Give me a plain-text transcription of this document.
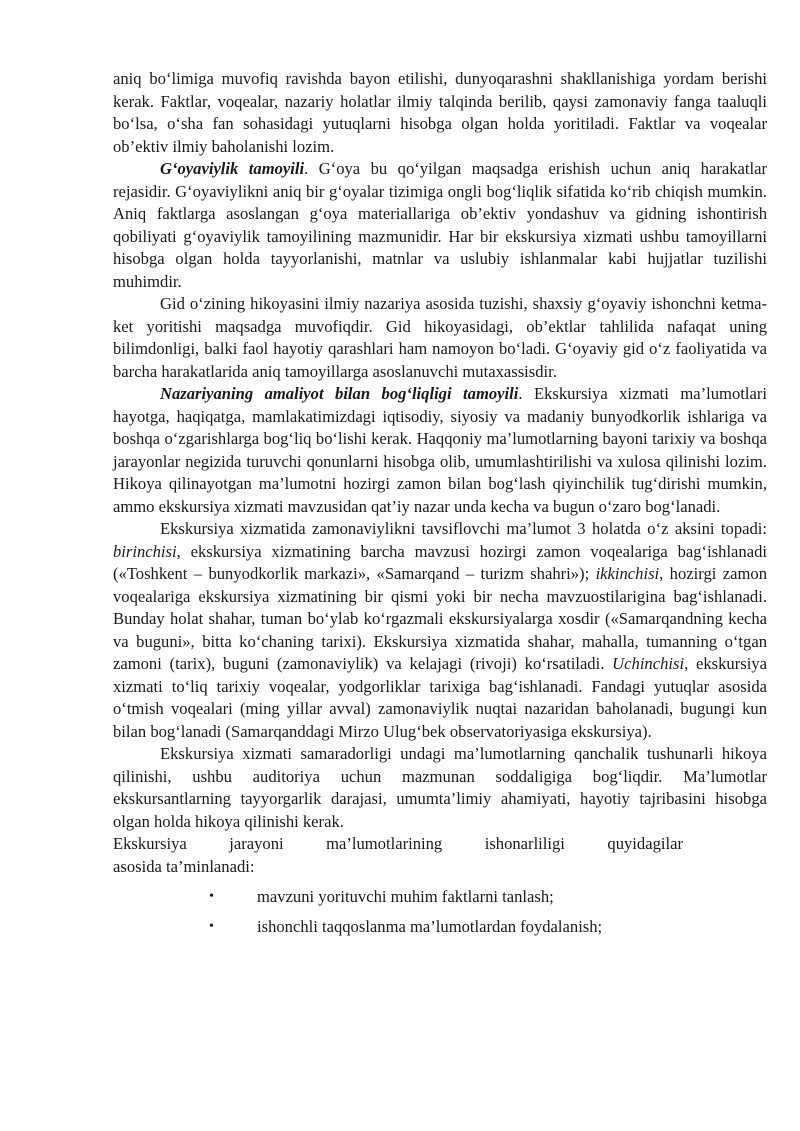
aniq bo‘limiga muvofiq ravishda bayon etilishi, dunyoqarashni shakllanishiga yordam berishi kerak. Faktlar, voqealar, nazariy holatlar ilmiy talqinda berilib, qaysi zamonaviy fanga taaluqli bo‘lsa, o‘sha fan sohasidagi yutuqlarni hisobga olgan holda yoritiladi. Faktlar va voqealar ob’ektiv ilmiy baholanishi lozim.

G‘oyaviylik tamoyili. G‘oya bu qo‘yilgan maqsadga erishish uchun aniq harakatlar rejasidir. G‘oyaviylikni aniq bir g‘oyalar tizimiga ongli bog‘liqlik sifatida ko‘rib chiqish mumkin. Aniq faktlarga asoslangan g‘oya materiallariga ob’ektiv yondashuv va gidning ishontirish qobiliyati g‘oyaviylik tamoyilining mazmunidir. Har bir ekskursiya xizmati ushbu tamoyillarni hisobga olgan holda tayyorlanishi, matnlar va uslubiy ishlanmalar kabi hujjatlar tuzilishi muhimdir.

Gid o‘zining hikoyasini ilmiy nazariya asosida tuzishi, shaxsiy g‘oyaviy ishonchni ketma-ket yoritishi maqsadga muvofiqdir. Gid hikoyasidagi, ob’ektlar tahlilida nafaqat uning bilimdonligi, balki faol hayotiy qarashlari ham namoyon bo‘ladi. G‘oyaviy gid o‘z faoliyatida va barcha harakatlarida aniq tamoyillarga asoslanuvchi mutaxassisdir.

Nazariyaning amaliyot bilan bog‘liqligi tamoyili. Ekskursiya xizmati ma’lumotlari hayotga, haqiqatga, mamlakatimizdagi iqtisodiy, siyosiy va madaniy bunyodkorlik ishlariga va boshqa o‘zgarishlarga bog‘liq bo‘lishi kerak. Haqqoniy ma’lumotlarning bayoni tarixiy va boshqa jarayonlar negizida turuvchi qonunlarni hisobga olib, umumlashtirilishi va xulosa qilinishi lozim. Hikoya qilinayotgan ma’lumotni hozirgi zamon bilan bog‘lash qiyinchilik tug‘dirishi mumkin, ammo ekskursiya xizmati mavzusidan qat’iy nazar unda kecha va bugun o‘zaro bog‘lanadi.

Ekskursiya xizmatida zamonaviylikni tavsiflovchi ma’lumot 3 holatda o‘z aksini topadi: birinchisi, ekskursiya xizmatining barcha mavzusi hozirgi zamon voqealariga bag‘ishlanadi («Toshkent – bunyodkorlik markazi», «Samarqand – turizm shahri»); ikkinchisi, hozirgi zamon voqealariga ekskursiya xizmatining bir qismi yoki bir necha mavzuostilarigina bag‘ishlanadi. Bunday holat shahar, tuman bo‘ylab ko‘rgazmali ekskursiyalarga xosdir («Samarqandning kecha va buguni», bitta ko‘chaning tarixi). Ekskursiya xizmatida shahar, mahalla, tumanning o‘tgan zamoni (tarix), buguni (zamonaviylik) va kelajagi (rivoji) ko‘rsatiladi. Uchinchisi, ekskursiya xizmati to‘liq tarixiy voqealar, yodgorliklar tarixiga bag‘ishlanadi. Fandagi yutuqlar asosida o‘tmish voqealari (ming yillar avval) zamonaviylik nuqtai nazaridan baholanadi, bugungi kun bilan bog‘lanadi (Samarqanddagi Mirzo Ulug‘bek observatoriyasiga ekskursiya).

Ekskursiya xizmati samaradorligi undagi ma’lumotlarning qanchalik tushunarli hikoya qilinishi, ushbu auditoriya uchun mazmunan soddaligiga bog‘liqdir. Ma’lumotlar ekskursantlarning tayyorgarlik darajasi, umumta’limiy ahamiyati, hayotiy tajribasini hisobga olgan holda hikoya qilinishi kerak.

Ekskursiya	jarayoni	ma’lumotlarining	ishonarliligi	quyidagilar

asosida ta’minlanadi:

•	mavzuni yorituvchi muhim faktlarni tanlash;
•	ishonchli taqqoslanma ma’lumotlardan foydalanish;
